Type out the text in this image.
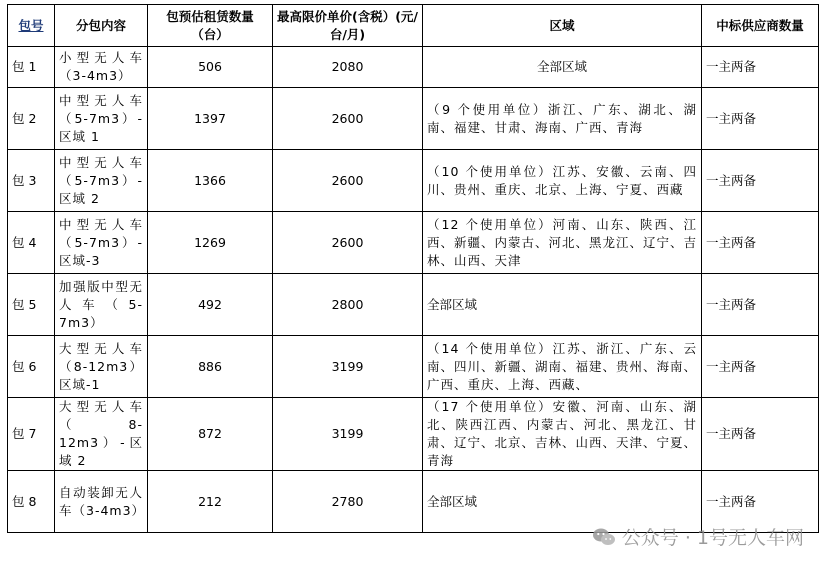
包号	分包内容	包预估租赁数量（台）	最高限价单价(含税）(元/台/月)	区域	中标供应商数量
包 1	小型无人车（3-4m3）	506	2080	全部区域	一主两备
包 2	中型无人车（5-7m3）-区域 1	1397	2600	（9 个使用单位）浙江、广东、湖北、湖南、福建、甘肃、海南、广西、青海	一主两备
包 3	中型无人车（5-7m3）-区域 2	1366	2600	（10 个使用单位）江苏、安徽、云南、四川、贵州、重庆、北京、上海、宁夏、西藏	一主两备
包 4	中型无人车（5-7m3）-区域-3	1269	2600	（12 个使用单位）河南、山东、陕西、江西、新疆、内蒙古、河北、黑龙江、辽宁、吉林、山西、天津	一主两备
包 5	加强版中型无人车（5-7m3）	492	2800	全部区域	一主两备
包 6	大型无人车（8-12m3）区域-1	886	3199	（14 个使用单位）江苏、浙江、广东、云南、四川、新疆、湖南、福建、贵州、海南、广西、重庆、上海、西藏、	一主两备
包 7	大型无人车（8-12m3）-区域 2	872	3199	（17 个使用单位）安徽、河南、山东、湖北、陕西江西、内蒙古、河北、黑龙江、甘肃、辽宁、北京、吉林、山西、天津、宁夏、青海	一主两备
包 8	自动装卸无人车（3-4m3）	212	2780	全部区域	一主两备
公众号 · 1号无人车网
